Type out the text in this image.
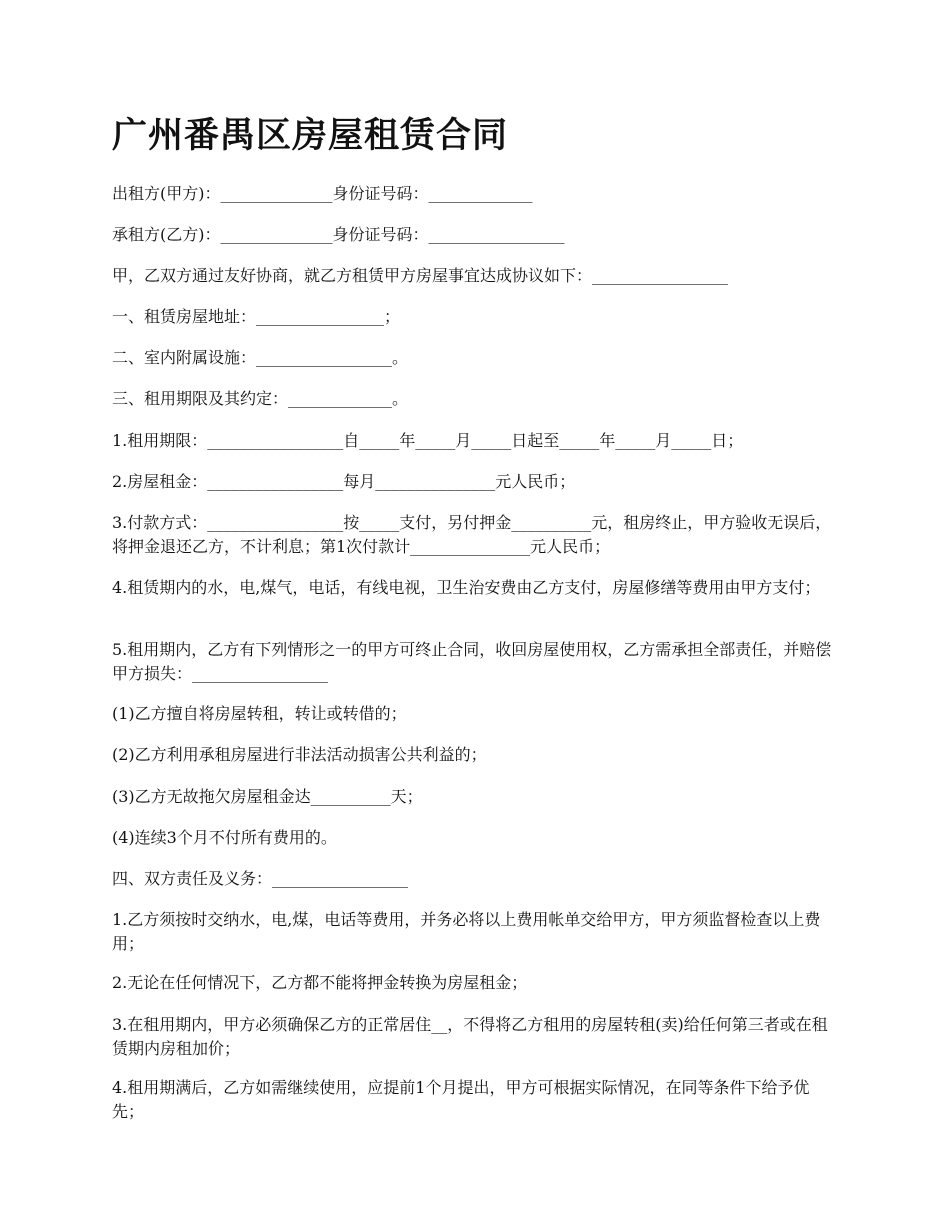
广州番禺区房屋租赁合同

出租方(甲方)：______________身份证号码：_____________

承租方(乙方)：______________身份证号码：_________________

甲，乙双方通过友好协商，就乙方租赁甲方房屋事宜达成协议如下：_________________

一、租赁房屋地址：________________；

二、室内附属设施：_________________。

三、租用期限及其约定：_____________。

1.租用期限：_________________自_____年_____月_____日起至_____年_____月_____日；

2.房屋租金：_________________每月_______________元人民币；

3.付款方式：_________________按_____支付，另付押金__________元，租房终止，甲方验收无误后，将押金退还乙方，不计利息；第1次付款计_______________元人民币；

4.租赁期内的水，电,煤气，电话，有线电视，卫生治安费由乙方支付，房屋修缮等费用由甲方支付；

5.租用期内，乙方有下列情形之一的甲方可终止合同，收回房屋使用权，乙方需承担全部责任，并赔偿甲方损失：_________________

(1)乙方擅自将房屋转租，转让或转借的；

(2)乙方利用承租房屋进行非法活动损害公共利益的；

(3)乙方无故拖欠房屋租金达__________天；

(4)连续3个月不付所有费用的。

四、双方责任及义务：_________________

1.乙方须按时交纳水，电,煤，电话等费用，并务必将以上费用帐单交给甲方，甲方须监督检查以上费用；

2.无论在任何情况下，乙方都不能将押金转换为房屋租金；

3.在租用期内，甲方必须确保乙方的正常居住__，不得将乙方租用的房屋转租(卖)给任何第三者或在租赁期内房租加价；

4.租用期满后，乙方如需继续使用，应提前1个月提出，甲方可根据实际情况，在同等条件下给予优先；
